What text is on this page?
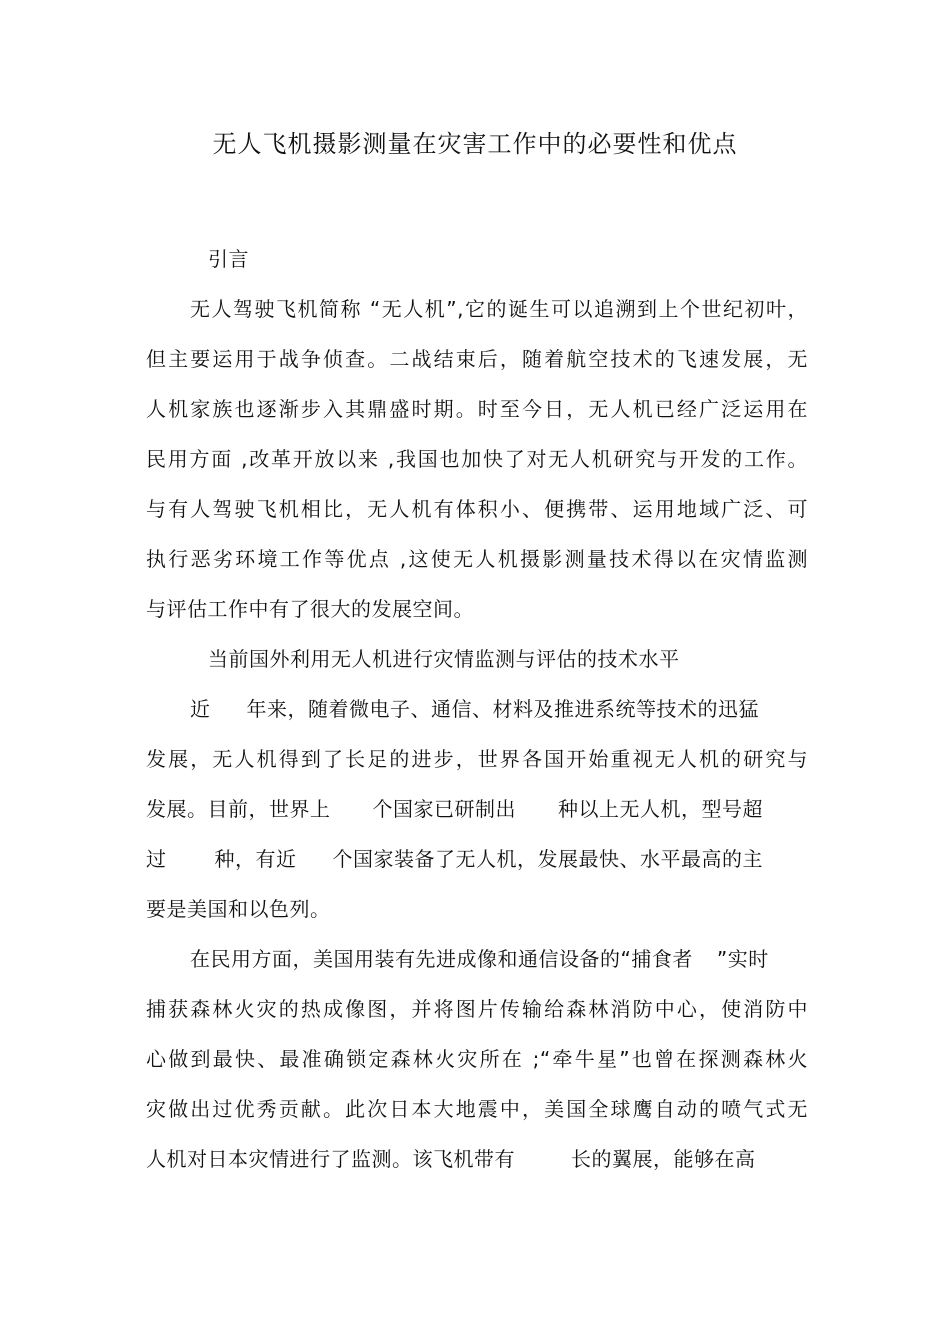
无人飞机摄影测量在灾害工作中的必要性和优点
引言
无人驾驶飞机简称 “无人机”,它的诞生可以追溯到上个世纪初叶，
但主要运用于战争侦查。二战结束后，随着航空技术的飞速发展，无
人机家族也逐渐步入其鼎盛时期。时至今日，无人机已经广泛运用在
民用方面 ,改革开放以来 ,我国也加快了对无人机研究与开发的工作。
与有人驾驶飞机相比，无人机有体积小、便携带、运用地域广泛、可
执行恶劣环境工作等优点 ,这使无人机摄影测量技术得以在灾情监测
与评估工作中有了很大的发展空间。
当前国外利用无人机进行灾情监测与评估的技术水平
近 年来，随着微电子、通信、材料及推进系统等技术的迅猛
发展，无人机得到了长足的进步，世界各国开始重视无人机的研究与
发展。目前，世界上 个国家已研制出 种以上无人机，型号超
过 种，有近 个国家装备了无人机，发展最快、水平最高的主
要是美国和以色列。
在民用方面，美国用装有先进成像和通信设备的“捕食者 ”实时
捕获森林火灾的热成像图，并将图片传输给森林消防中心，使消防中
心做到最快、最准确锁定森林火灾所在 ;“牵牛星”也曾在探测森林火
灾做出过优秀贡献。此次日本大地震中，美国全球鹰自动的喷气式无
人机对日本灾情进行了监测。该飞机带有	长的翼展，能够在高
